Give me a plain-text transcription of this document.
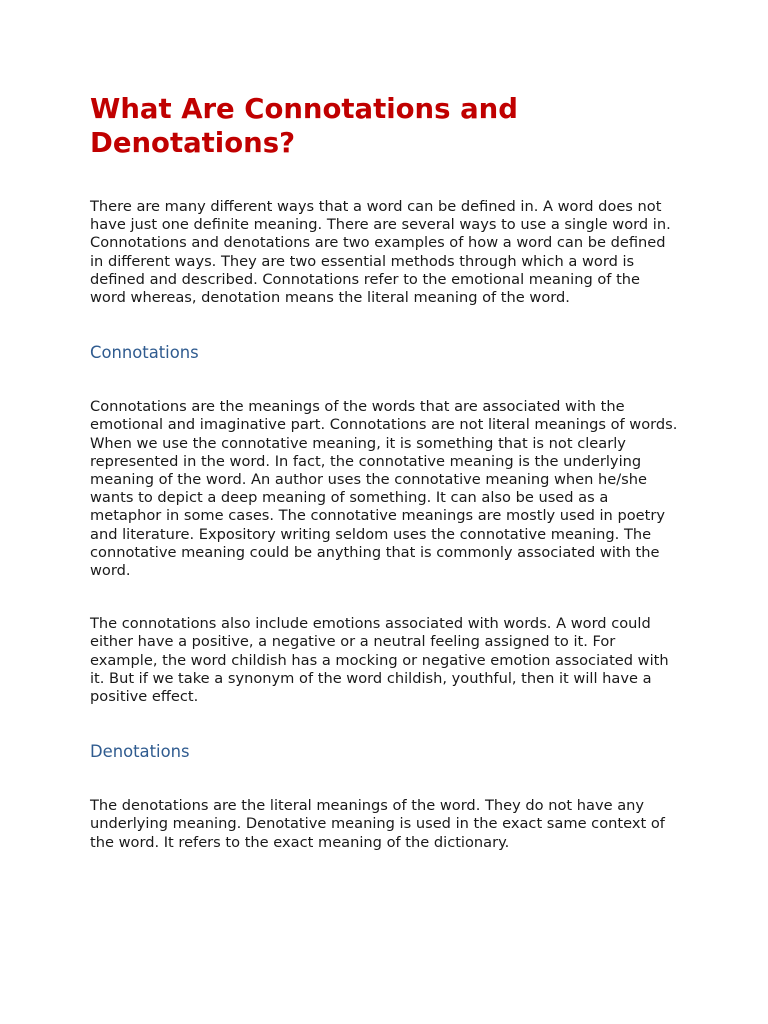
What Are Connotations and Denotations?

There are many different ways that a word can be defined in. A word does not have just one definite meaning. There are several ways to use a single word in. Connotations and denotations are two examples of how a word can be defined in different ways. They are two essential methods through which a word is defined and described. Connotations refer to the emotional meaning of the word whereas, denotation means the literal meaning of the word.

Connotations

Connotations are the meanings of the words that are associated with the emotional and imaginative part. Connotations are not literal meanings of words. When we use the connotative meaning, it is something that is not clearly represented in the word. In fact, the connotative meaning is the underlying meaning of the word. An author uses the connotative meaning when he/she wants to depict a deep meaning of something. It can also be used as a metaphor in some cases. The connotative meanings are mostly used in poetry and literature. Expository writing seldom uses the connotative meaning. The connotative meaning could be anything that is commonly associated with the word.

The connotations also include emotions associated with words. A word could either have a positive, a negative or a neutral feeling assigned to it. For example, the word childish has a mocking or negative emotion associated with it. But if we take a synonym of the word childish, youthful, then it will have a positive effect.

Denotations

The denotations are the literal meanings of the word. They do not have any underlying meaning. Denotative meaning is used in the exact same context of the word. It refers to the exact meaning of the dictionary.
